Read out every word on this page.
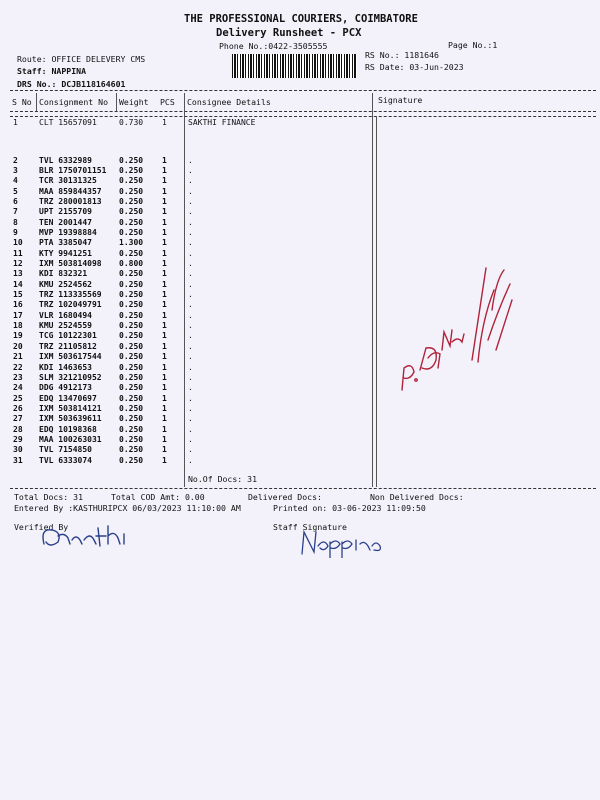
THE PROFESSIONAL COURIERS, COIMBATORE
Delivery Runsheet - PCX
Phone No.:0422-3505555	Page No.:1
Route: OFFICE DELEVERY CMS
Staff: NAPPINA
DRS No.: DCJB118164601
RS No.: 1181646
RS Date: 03-Jun-2023
S No Consignment No Weight PCS Consignee Details	Signature
1	CLT 15657091	0.730 1	SAKTHI FINANCE
2	TVL 6332989	0.250 1	.
3	BLR 1750701151 0.250 1	.
4	TCR 30131325	0.250 1	.
5	MAA 859844357 0.250 1	.
6	TRZ 280001813 0.250 1	.
7	UPT 2155709	0.250 1	.
8	TEN 2001447	0.250 1	.
9	MVP 19398884	0.250 1	.
10 PTA 3385047	1.300 1	.
11 KTY 9941251	0.250 1	.
12 IXM 503814098 0.800 1	.
13 KDI 832321	0.250 1	.
14 KMU 2524562	0.250 1	.
15 TRZ 113335569 0.250 1	.
16 TRZ 102049791 0.250 1	.
17 VLR 1680494	0.250 1	.
18 KMU 2524559	0.250 1	.
19 TCG 10122301	0.250 1	.
20 TRZ 21105812	0.250 1	.
21 IXM 503617544 0.250 1	.
22 KDI 1463653	0.250 1	.
23 SLM 321210952 0.250 1	.
24 DDG 4912173	0.250 1	.
25 EDQ 13470697	0.250 1	.
26 IXM 503814121 0.250 1	.
27 IXM 503639611 0.250 1	.
28 EDQ 10198368	0.250 1	.
29 MAA 100263031 0.250 1	.
30 TVL 7154850	0.250 1	.
31 TVL 6333074	0.250 1	.
No.Of Docs: 31
Total Docs: 31	Total COD Amt: 0.00	Delivered Docs:	Non Delivered Docs:
Entered By :KASTHURIPCX 06/03/2023 11:10:00 AM	Printed on: 03-06-2023 11:09:50
Verified By	Staff Signature
